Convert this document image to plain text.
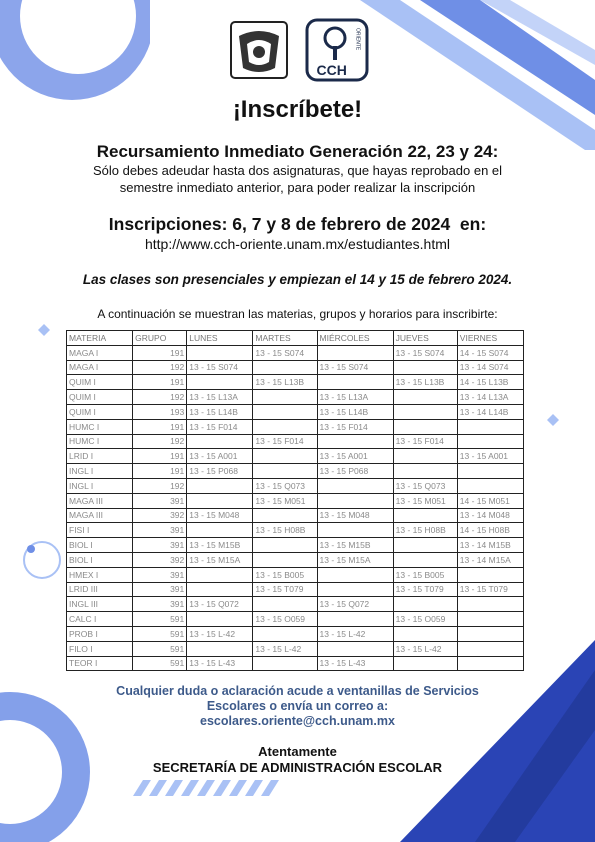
CCH
ORIENTE
¡Inscríbete!
Recursamiento Inmediato Generación 22, 23 y 24:
Sólo debes adeudar hasta dos asignaturas, que hayas reprobado en el
semestre inmediato anterior, para poder realizar la inscripción
Inscripciones: 6, 7 y 8 de febrero de 2024  en:
http://www.cch-oriente.unam.mx/estudiantes.html
Las clases son presenciales y empiezan el 14 y 15 de febrero 2024.
A continuación se muestran las materias, grupos y horarios para inscribirte:
MATERIA	GRUPO	LUNES	MARTES	MIÉRCOLES	JUEVES	VIERNES
MAGA I	191		13 - 15 S074		13 - 15 S074	14 - 15 S074
MAGA I	192	13 - 15 S074		13 - 15 S074		13 - 14 S074
QUIM I	191		13 - 15 L13B		13 - 15 L13B	14 - 15 L13B
QUIM I	192	13 - 15 L13A		13 - 15 L13A		13 - 14 L13A
QUIM I	193	13 - 15 L14B		13 - 15 L14B		13 - 14 L14B
HUMC I	191	13 - 15 F014		13 - 15 F014		
HUMC I	192		13 - 15 F014		13 - 15 F014	
LRID I	191	13 - 15 A001		13 - 15 A001		13 - 15 A001
INGL I	191	13 - 15 P068		13 - 15 P068		
INGL I	192		13 - 15 Q073		13 - 15 Q073	
MAGA III	391		13 - 15 M051		13 - 15 M051	14 - 15 M051
MAGA III	392	13 - 15 M048		13 - 15 M048		13 - 14 M048
FISI I	391		13 - 15 H08B		13 - 15 H08B	14 - 15 H08B
BIOL I	391	13 - 15 M15B		13 - 15 M15B		13 - 14 M15B
BIOL I	392	13 - 15 M15A		13 - 15 M15A		13 - 14 M15A
HMEX I	391		13 - 15 B005		13 - 15 B005	
LRID III	391		13 - 15 T079		13 - 15 T079	13 - 15 T079
INGL III	391	13 - 15 Q072		13 - 15 Q072		
CALC I	591		13 - 15 O059		13 - 15 O059	
PROB I	591	13 - 15 L-42		13 - 15 L-42		
FILO I	591		13 - 15 L-42		13 - 15 L-42	
TEOR I	591	13 - 15 L-43		13 - 15 L-43		
Cualquier duda o aclaración acude a ventanillas de Servicios
Escolares o envía un correo a:
escolares.oriente@cch.unam.mx
Atentamente
SECRETARÍA DE ADMINISTRACIÓN ESCOLAR
